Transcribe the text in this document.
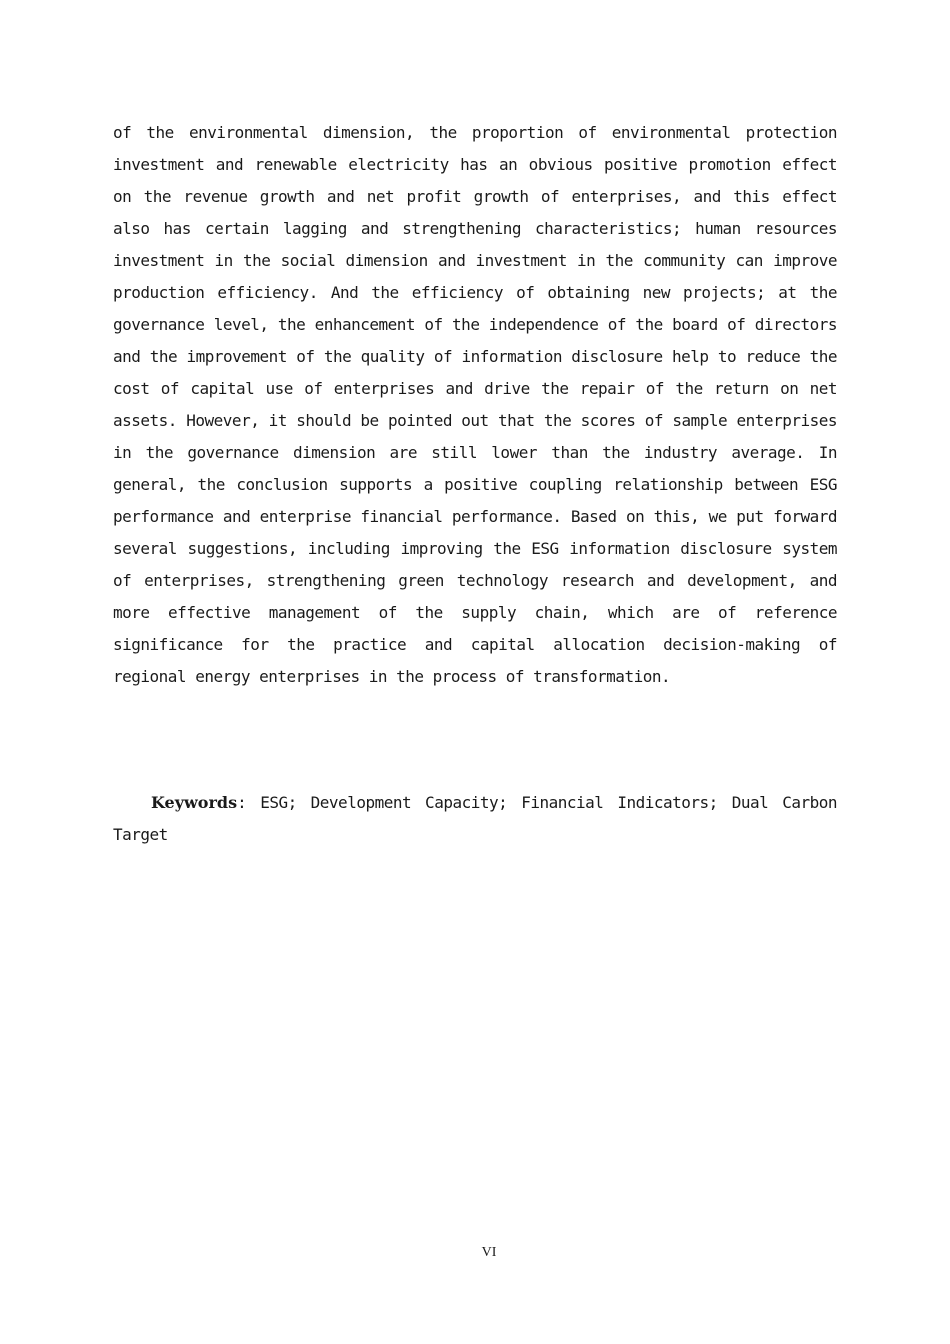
of the environmental dimension, the proportion of environmental protection investment and renewable electricity has an obvious positive promotion effect on the revenue growth and net profit growth of enterprises, and this effect also has certain lagging and strengthening characteristics; human resources investment in the social dimension and investment in the community can improve production efficiency. And the efficiency of obtaining new projects; at the governance level, the enhancement of the independence of the board of directors and the improvement of the quality of information disclosure help to reduce the cost of capital use of enterprises and drive the repair of the return on net assets. However, it should be pointed out that the scores of sample enterprises in the governance dimension are still lower than the industry average. In general, the conclusion supports a positive coupling relationship between ESG performance and enterprise financial performance. Based on this, we put forward several suggestions, including improving the ESG information disclosure system of enterprises, strengthening green technology research and development, and more effective management of the supply chain, which are of reference significance for the practice and capital allocation decision-making of regional energy enterprises in the process of transformation.

Keywords: ESG; Development Capacity; Financial Indicators; Dual Carbon Target

VI
